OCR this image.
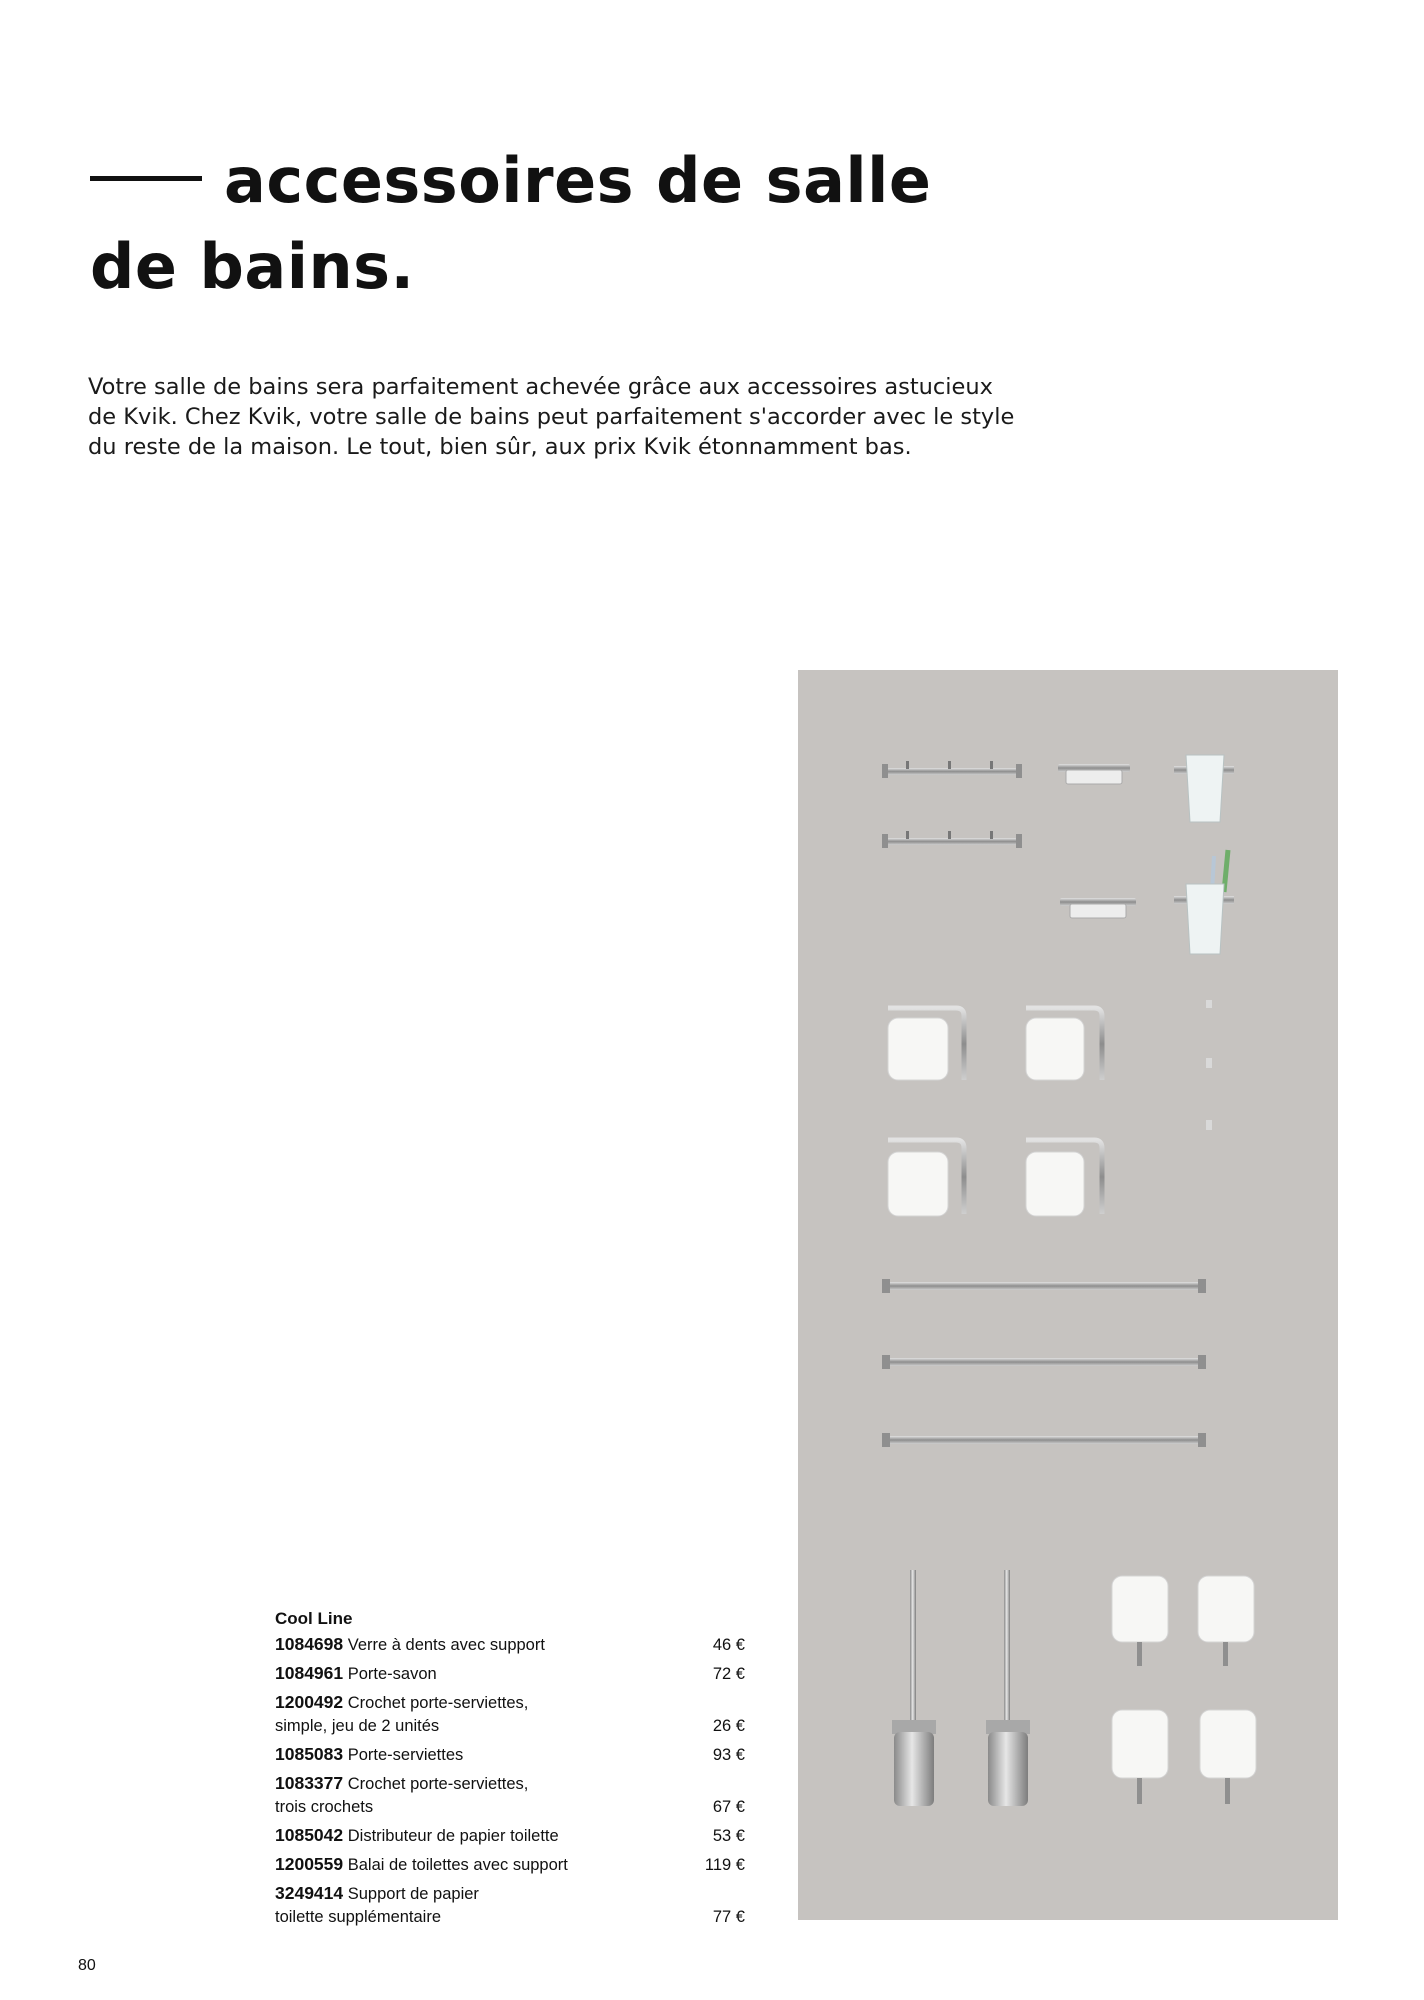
accessoires de salle de bains.

Votre salle de bains sera parfaitement achevée grâce aux accessoires astucieux de Kvik. Chez Kvik, votre salle de bains peut parfaitement s'accorder avec le style du reste de la maison. Le tout, bien sûr, aux prix Kvik étonnamment bas.

Cool Line
1084698 Verre à dents avec support	46 €
1084961 Porte-savon	72 €
1200492 Crochet porte-serviettes,
simple, jeu de 2 unités	26 €
1085083 Porte-serviettes	93 €
1083377 Crochet porte-serviettes,
trois crochets	67 €
1085042 Distributeur de papier toilette	53 €
1200559 Balai de toilettes avec support	119 €
3249414 Support de papier
toilette supplémentaire	77 €
80
